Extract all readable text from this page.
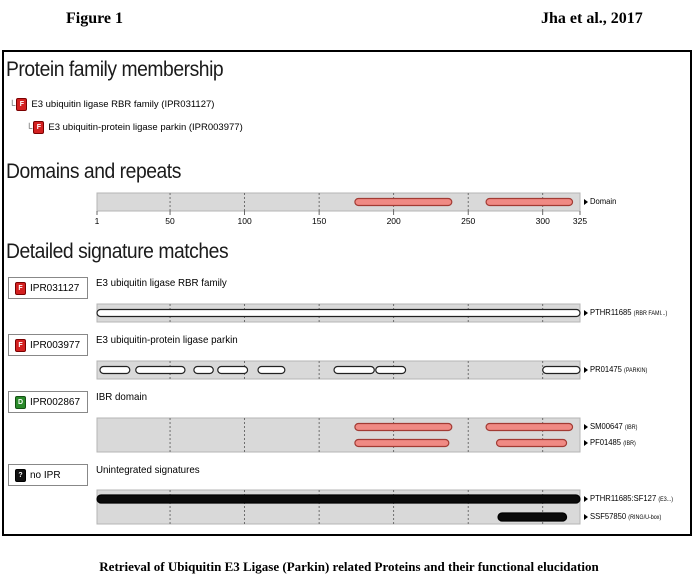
Figure 1	Jha et al., 2017
Protein family membership
└ F E3 ubiquitin ligase RBR family (IPR031127)
└ F E3 ubiquitin-protein ligase parkin (IPR003977)
Domains and repeats
Detailed signature matches
F IPR031127 E3 ubiquitin ligase RBR family
F IPR003977 E3 ubiquitin-protein ligase parkin
D IPR002867 IBR domain
? no IPR	Unintegrated signatures
Domain
1	50	100	150	200	250	300	325
PTHR11685 (RBR FAMI...)
PR01475 (PARKIN)
SM00647 (IBR)
PF01485 (IBR)
PTHR11685:SF127 (E3...)
SSF57850 (RING/U-box)
Retrieval of Ubiquitin E3 Ligase (Parkin) related Proteins and their functional elucidation
